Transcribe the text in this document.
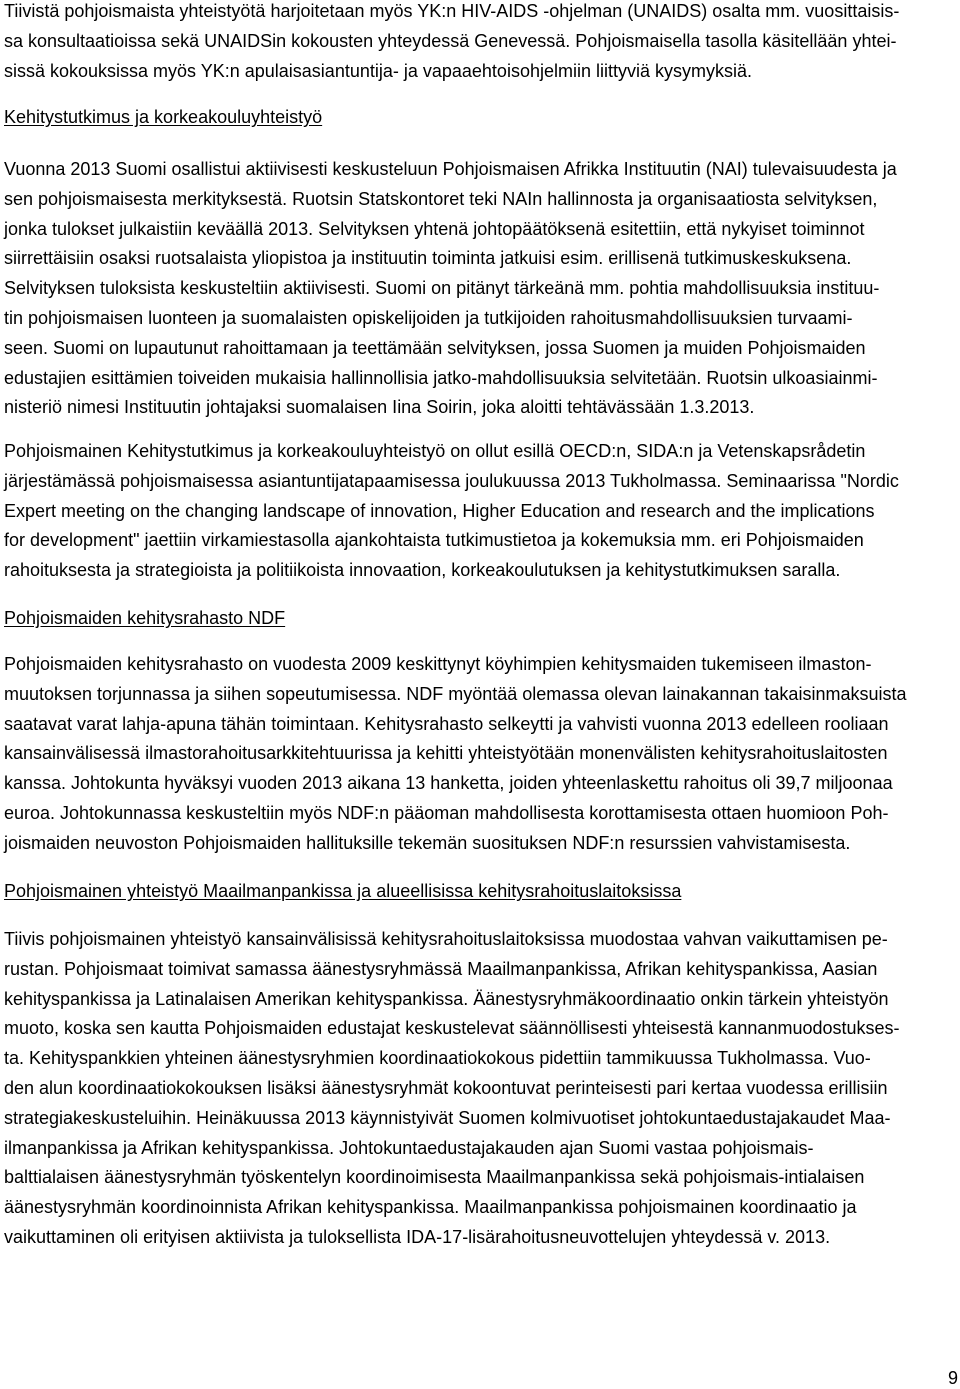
Tiivistä pohjoismaista yhteistyötä harjoitetaan myös YK:n HIV-AIDS -ohjelman (UNAIDS) osalta mm. vuosittaisis-
sa konsultaatioissa sekä UNAIDSin kokousten yhteydessä Genevessä. Pohjoismaisella tasolla käsitellään yhtei-
sissä kokouksissa myös YK:n apulaisasiantuntija- ja vapaaehtoisohjelmiin liittyviä kysymyksiä.
Kehitystutkimus ja korkeakouluyhteistyö
Vuonna 2013 Suomi osallistui aktiivisesti keskusteluun Pohjoismaisen Afrikka Instituutin (NAI) tulevaisuudesta ja
sen pohjoismaisesta merkityksestä. Ruotsin Statskontoret teki NAIn hallinnosta ja organisaatiosta selvityksen,
jonka tulokset julkaistiin keväällä 2013. Selvityksen yhtenä johtopäätöksenä esitettiin, että nykyiset toiminnot
siirrettäisiin osaksi ruotsalaista yliopistoa ja instituutin toiminta jatkuisi esim. erillisenä tutkimuskeskuksena.
Selvityksen tuloksista keskusteltiin aktiivisesti. Suomi on pitänyt tärkeänä mm. pohtia mahdollisuuksia instituu-
tin pohjoismaisen luonteen ja suomalaisten opiskelijoiden ja tutkijoiden rahoitusmahdollisuuksien turvaami-
seen. Suomi on lupautunut rahoittamaan ja teettämään selvityksen, jossa Suomen ja muiden Pohjoismaiden
edustajien esittämien toiveiden mukaisia hallinnollisia jatko-mahdollisuuksia selvitetään. Ruotsin ulkoasiainmi-
nisteriö nimesi Instituutin johtajaksi suomalaisen Iina Soirin, joka aloitti tehtävässään 1.3.2013.
Pohjoismainen Kehitystutkimus ja korkeakouluyhteistyö on ollut esillä OECD:n, SIDA:n ja Vetenskapsrådetin
järjestämässä pohjoismaisessa asiantuntijatapaamisessa joulukuussa 2013 Tukholmassa. Seminaarissa "Nordic
Expert meeting on the changing landscape of innovation, Higher Education and research and the implications
for development" jaettiin virkamiestasolla ajankohtaista tutkimustietoa ja kokemuksia mm. eri Pohjoismaiden
rahoituksesta ja strategioista ja politiikoista innovaation, korkeakoulutuksen ja kehitystutkimuksen saralla.
Pohjoismaiden kehitysrahasto NDF
Pohjoismaiden kehitysrahasto on vuodesta 2009 keskittynyt köyhimpien kehitysmaiden tukemiseen ilmaston-
muutoksen torjunnassa ja siihen sopeutumisessa. NDF myöntää olemassa olevan lainakannan takaisinmaksuista
saatavat varat lahja-apuna tähän toimintaan. Kehitysrahasto selkeytti ja vahvisti vuonna 2013 edelleen rooliaan
kansainvälisessä ilmastorahoitusarkkitehtuurissa ja kehitti yhteistyötään monenvälisten kehitysrahoituslaitosten
kanssa. Johtokunta hyväksyi vuoden 2013 aikana 13 hanketta, joiden yhteenlaskettu rahoitus oli 39,7 miljoonaa
euroa. Johtokunnassa keskusteltiin myös NDF:n pääoman mahdollisesta korottamisesta ottaen huomioon Poh-
joismaiden neuvoston Pohjoismaiden hallituksille tekemän suosituksen NDF:n resurssien vahvistamisesta.
Pohjoismainen yhteistyö Maailmanpankissa ja alueellisissa kehitysrahoituslaitoksissa
Tiivis pohjoismainen yhteistyö kansainvälisissä kehitysrahoituslaitoksissa muodostaa vahvan vaikuttamisen pe-
rustan. Pohjoismaat toimivat samassa äänestysryhmässä Maailmanpankissa, Afrikan kehityspankissa, Aasian
kehityspankissa ja Latinalaisen Amerikan kehityspankissa. Äänestysryhmäkoordinaatio onkin tärkein yhteistyön
muoto, koska sen kautta Pohjoismaiden edustajat keskustelevat säännöllisesti yhteisestä kannanmuodostukses-
ta. Kehityspankkien yhteinen äänestysryhmien koordinaatiokokous pidettiin tammikuussa Tukholmassa. Vuo-
den alun koordinaatiokokouksen lisäksi äänestysryhmät kokoontuvat perinteisesti pari kertaa vuodessa erillisiin
strategiakeskusteluihin. Heinäkuussa 2013 käynnistyivät Suomen kolmivuotiset johtokuntaedustajakaudet Maa-
ilmanpankissa ja Afrikan kehityspankissa. Johtokuntaedustajakauden ajan Suomi vastaa pohjoismais-
balttialaisen äänestysryhmän työskentelyn koordinoimisesta Maailmanpankissa sekä pohjoismais-intialaisen
äänestysryhmän koordinoinnista Afrikan kehityspankissa. Maailmanpankissa pohjoismainen koordinaatio ja
vaikuttaminen oli erityisen aktiivista ja tuloksellista IDA-17-lisärahoitusneuvottelujen yhteydessä v. 2013.
9
